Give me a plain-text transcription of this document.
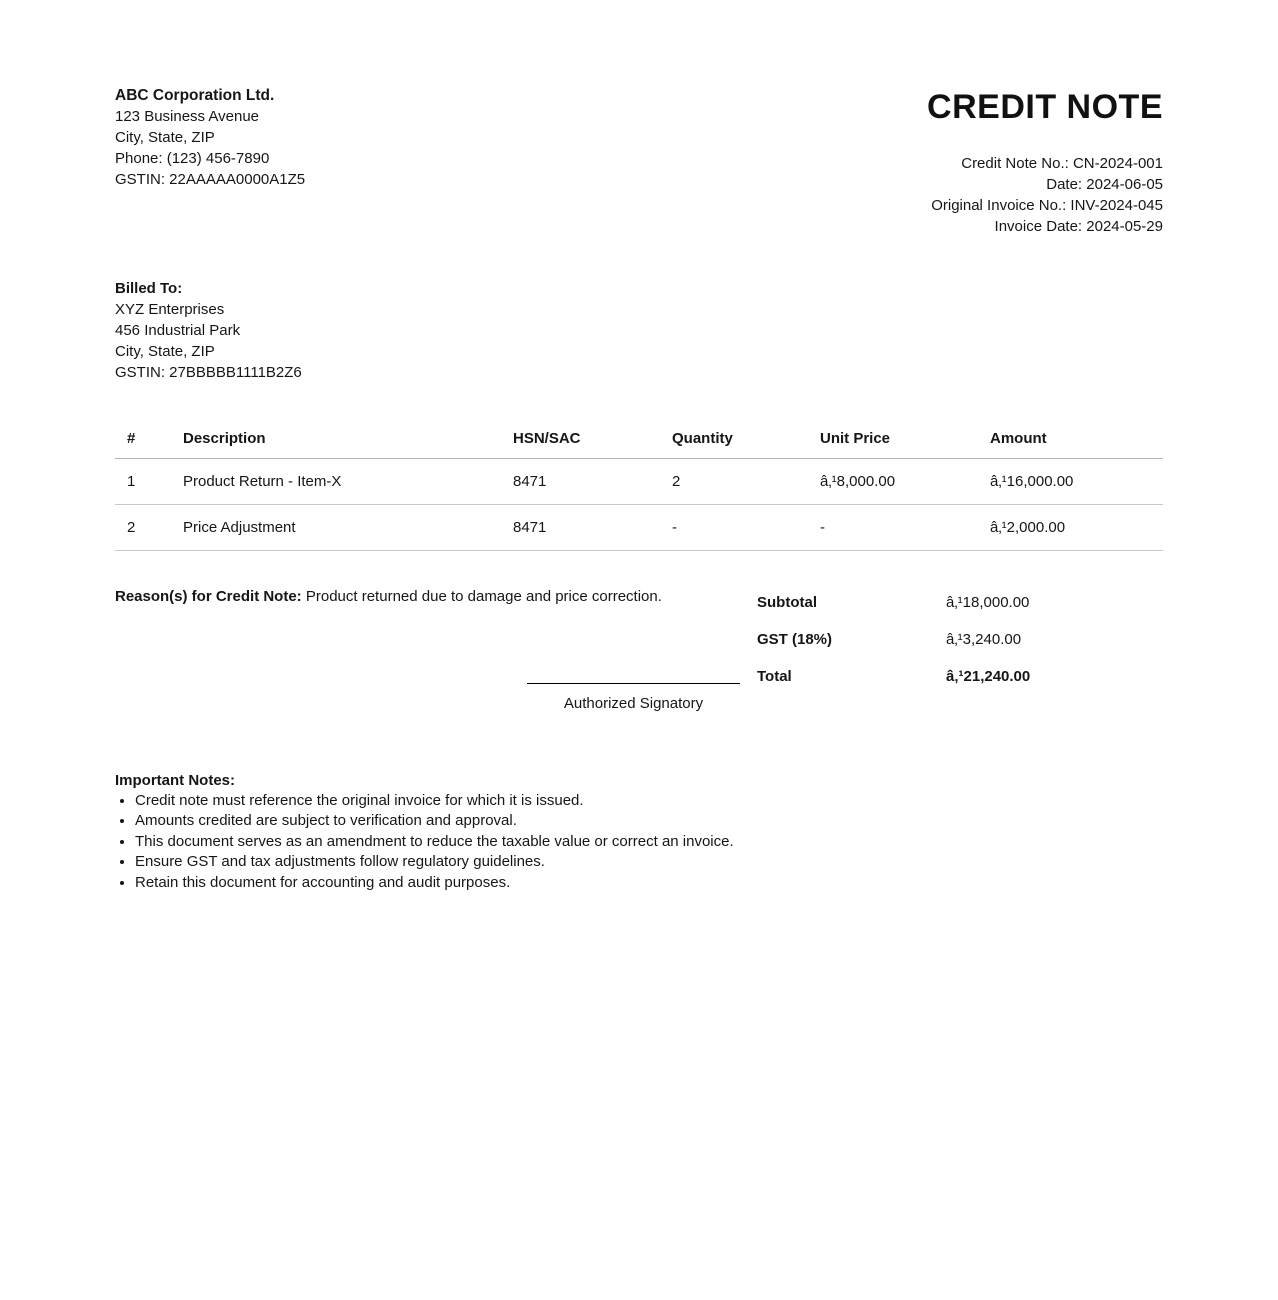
ABC Corporation Ltd.
123 Business Avenue
City, State, ZIP
Phone: (123) 456-7890
GSTIN: 22AAAAA0000A1Z5
CREDIT NOTE
Credit Note No.: CN-2024-001
Date: 2024-06-05
Original Invoice No.: INV-2024-045
Invoice Date: 2024-05-29
Billed To:
XYZ Enterprises
456 Industrial Park
City, State, ZIP
GSTIN: 27BBBBB1111B2Z6
#	Description	HSN/SAC	Quantity	Unit Price	Amount
1	Product Return - Item-X	8471	2	â‚¹8,000.00	â‚¹16,000.00
2	Price Adjustment	8471	-	-	â‚¹2,000.00
Reason(s) for Credit Note: Product returned due to damage and price correction.
Authorized Signatory
Subtotal	â‚¹18,000.00
GST (18%)	â‚¹3,240.00
Total	â‚¹21,240.00
Important Notes:
• Credit note must reference the original invoice for which it is issued.
• Amounts credited are subject to verification and approval.
• This document serves as an amendment to reduce the taxable value or correct an invoice.
• Ensure GST and tax adjustments follow regulatory guidelines.
• Retain this document for accounting and audit purposes.
